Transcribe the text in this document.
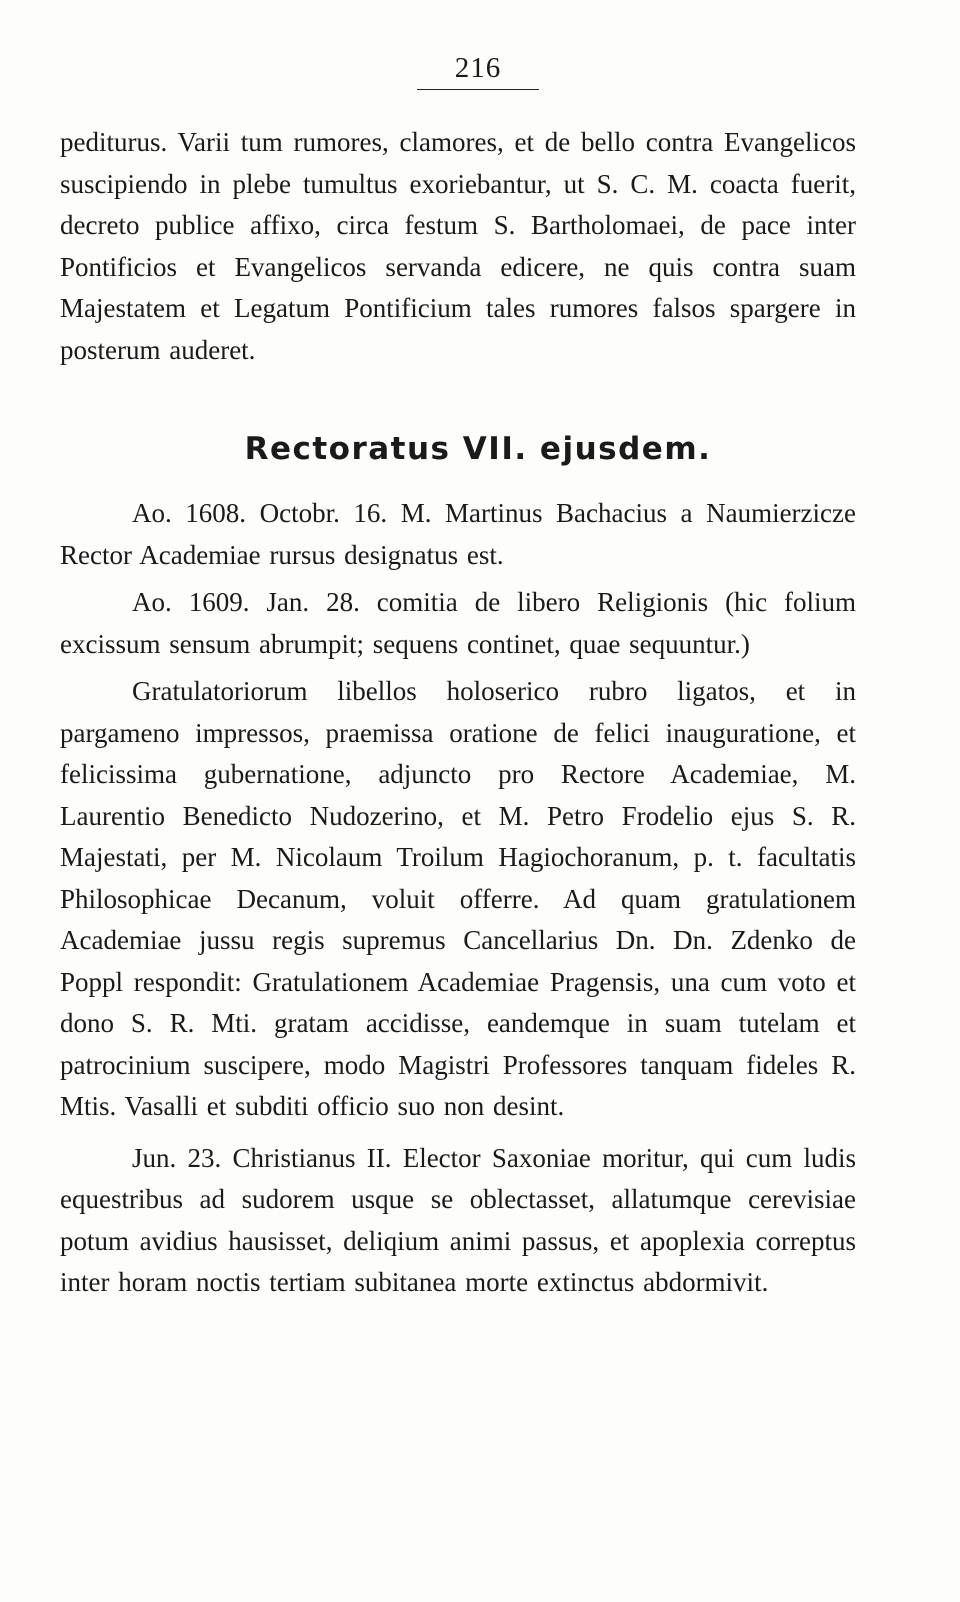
216

pediturus. Varii tum rumores, clamores, et de bello contra Evangelicos suscipiendo in plebe tumultus exoriebantur, ut S. C. M. coacta fuerit, decreto publice affixo, circa festum S. Bartholomaei, de pace inter Pontificios et Evangelicos servanda edicere, ne quis contra suam Majestatem et Legatum Pontificium tales rumores falsos spargere in posterum auderet.

Rectoratus VII. ejusdem.

Ao. 1608. Octobr. 16. M. Martinus Bachacius a Naumierzicze Rector Academiae rursus designatus est.

Ao. 1609. Jan. 28. comitia de libero Religionis (hic folium excissum sensum abrumpit; sequens continet, quae sequuntur.)

Gratulatoriorum libellos holoserico rubro ligatos, et in pargameno impressos, praemissa oratione de felici inauguratione, et felicissima gubernatione, adjuncto pro Rectore Academiae, M. Laurentio Benedicto Nudozerino, et M. Petro Frodelio ejus S. R. Majestati, per M. Nicolaum Troilum Hagiochoranum, p. t. facultatis Philosophicae Decanum, voluit offerre. Ad quam gratulationem Academiae jussu regis supremus Cancellarius Dn. Dn. Zdenko de Poppl respondit: Gratulationem Academiae Pragensis, una cum voto et dono S. R. Mti. gratam accidisse, eandemque in suam tutelam et patrocinium suscipere, modo Magistri Professores tanquam fideles R. Mtis. Vasalli et subditi officio suo non desint.

Jun. 23. Christianus II. Elector Saxoniae moritur, qui cum ludis equestribus ad sudorem usque se oblectasset, allatumque cerevisiae potum avidius hausisset, deliqium animi passus, et apoplexia correptus inter horam noctis tertiam subitanea morte extinctus abdormivit.
